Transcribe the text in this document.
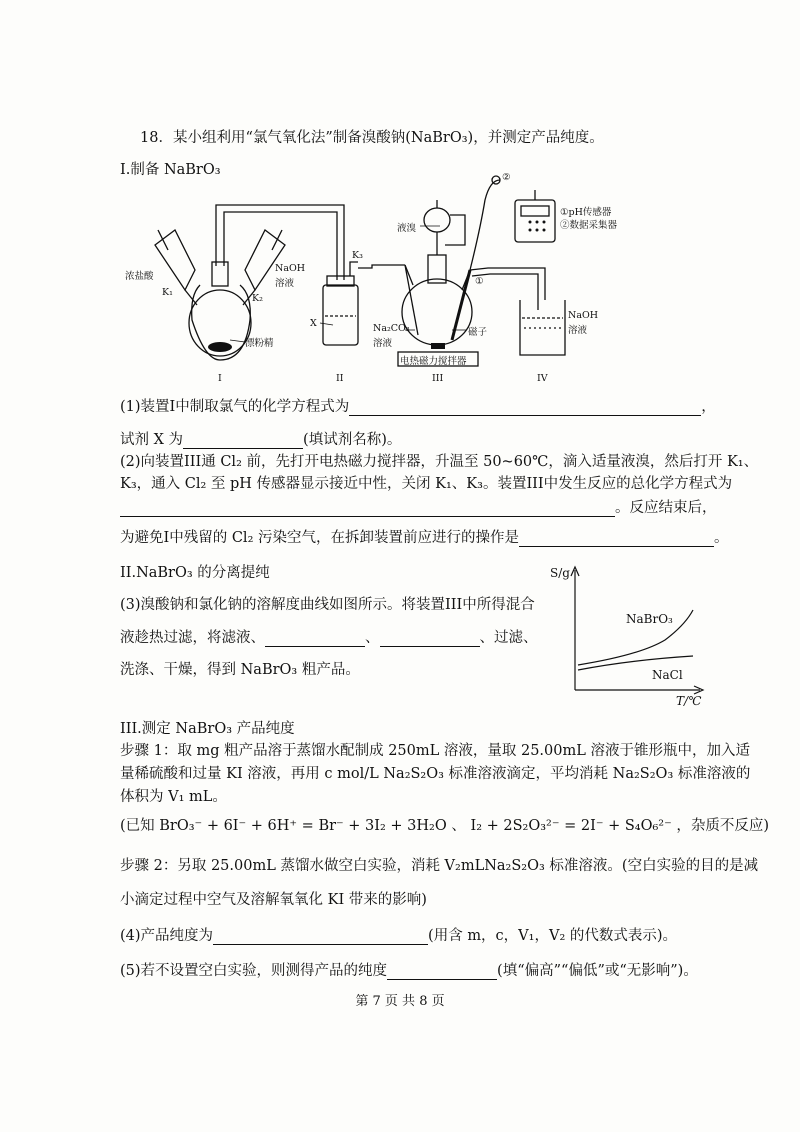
18．某小组利用“氯气氧化法”制备溴酸钠(NaBrO₃)，并测定产品纯度。
I.制备 NaBrO₃
浓盐酸
K₁
NaOH
溶液
K₂
漂粉精
X
K₃
液溴
Na₂CO₃
溶液
磁子
电热磁力搅拌器
①
②
①pH传感器
②数据采集器
NaOH
溶液
I	II	III	IV
(1)装置I中制取氯气的化学方程式为	，
试剂 X 为	(填试剂名称)。
(2)向装置III通 Cl₂ 前，先打开电热磁力搅拌器，升温至 50~60℃，滴入适量液溴，然后打开 K₁、
K₃，通入 Cl₂ 至 pH 传感器显示接近中性，关闭 K₁、K₃。装置III中发生反应的总化学方程式为
。反应结束后，
为避免I中残留的 Cl₂ 污染空气，在拆卸装置前应进行的操作是	。
II.NaBrO₃ 的分离提纯
(3)溴酸钠和氯化钠的溶解度曲线如图所示。将装置III中所得混合
液趁热过滤，将滤液、	、	、过滤、
洗涤、干燥，得到 NaBrO₃ 粗产品。
S/g
NaBrO₃
NaCl
T/℃
III.测定 NaBrO₃ 产品纯度
步骤 1：取 mg 粗产品溶于蒸馏水配制成 250mL 溶液，量取 25.00mL 溶液于锥形瓶中，加入适
量稀硫酸和过量 KI 溶液，再用 c mol/L Na₂S₂O₃ 标准溶液滴定，平均消耗 Na₂S₂O₃ 标准溶液的
体积为 V₁ mL。
(已知 BrO₃⁻ + 6I⁻ + 6H⁺ = Br⁻ + 3I₂ + 3H₂O 、 I₂ + 2S₂O₃²⁻ = 2I⁻ + S₄O₆²⁻ ，杂质不反应)
步骤 2：另取 25.00mL 蒸馏水做空白实验，消耗 V₂mLNa₂S₂O₃ 标准溶液。(空白实验的目的是减
小滴定过程中空气及溶解氧氧化 KI 带来的影响)
(4)产品纯度为	(用含 m，c，V₁，V₂ 的代数式表示)。
(5)若不设置空白实验，则测得产品的纯度	(填“偏高”“偏低”或“无影响”)。
第 7 页 共 8 页
